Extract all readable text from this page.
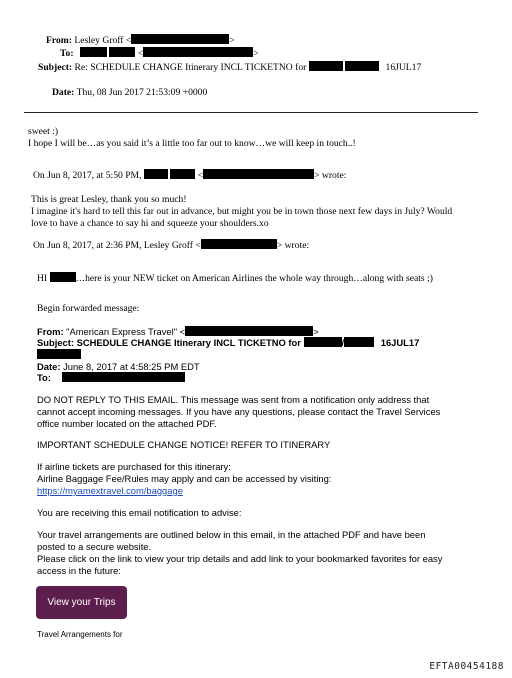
From: Lesley Groff <	>
To:	<	>
Subject: Re: SCHEDULE CHANGE Itinerary INCL TICKETNO for	16JUL17
Date: Thu, 08 Jun 2017 21:53:09 +0000
sweet :)
I hope I will be…as you said it’s a little too far out to know…we will keep in touch..!
On Jun 8, 2017, at 5:50 PM,	<	> wrote:
This is great Lesley, thank you so much!
I imagine it's hard to tell this far out in advance, but might you be in town those next few days in July? Would
love to have a chance to say hi and squeeze your shoulders.xo
On Jun 8, 2017, at 2:36 PM, Lesley Groff <	> wrote:
HI	…here is your NEW ticket on American Airlines the whole way through…along with seats ;)
Begin forwarded message:
From: "American Express Travel" <	>
Subject: SCHEDULE CHANGE Itinerary INCL TICKETNO for	/	16JUL17
Date: June 8, 2017 at 4:58:25 PM EDT
To:
DO NOT REPLY TO THIS EMAIL. This message was sent from a notification only address that
cannot accept incoming messages. If you have any questions, please contact the Travel Services
office number located on the attached PDF.
IMPORTANT SCHEDULE CHANGE NOTICE! REFER TO ITINERARY
If airline tickets are purchased for this itinerary:
Airline Baggage Fee/Rules may apply and can be accessed by visiting:
https://myamextravel.com/baggage
You are receiving this email notification to advise:
Your travel arrangements are outlined below in this email, in the attached PDF and have been
posted to a secure website.
Please click on the link to view your trip details and add link to your bookmarked favorites for easy
access in the future:
View your Trips
Travel Arrangements for
EFTA00454188
